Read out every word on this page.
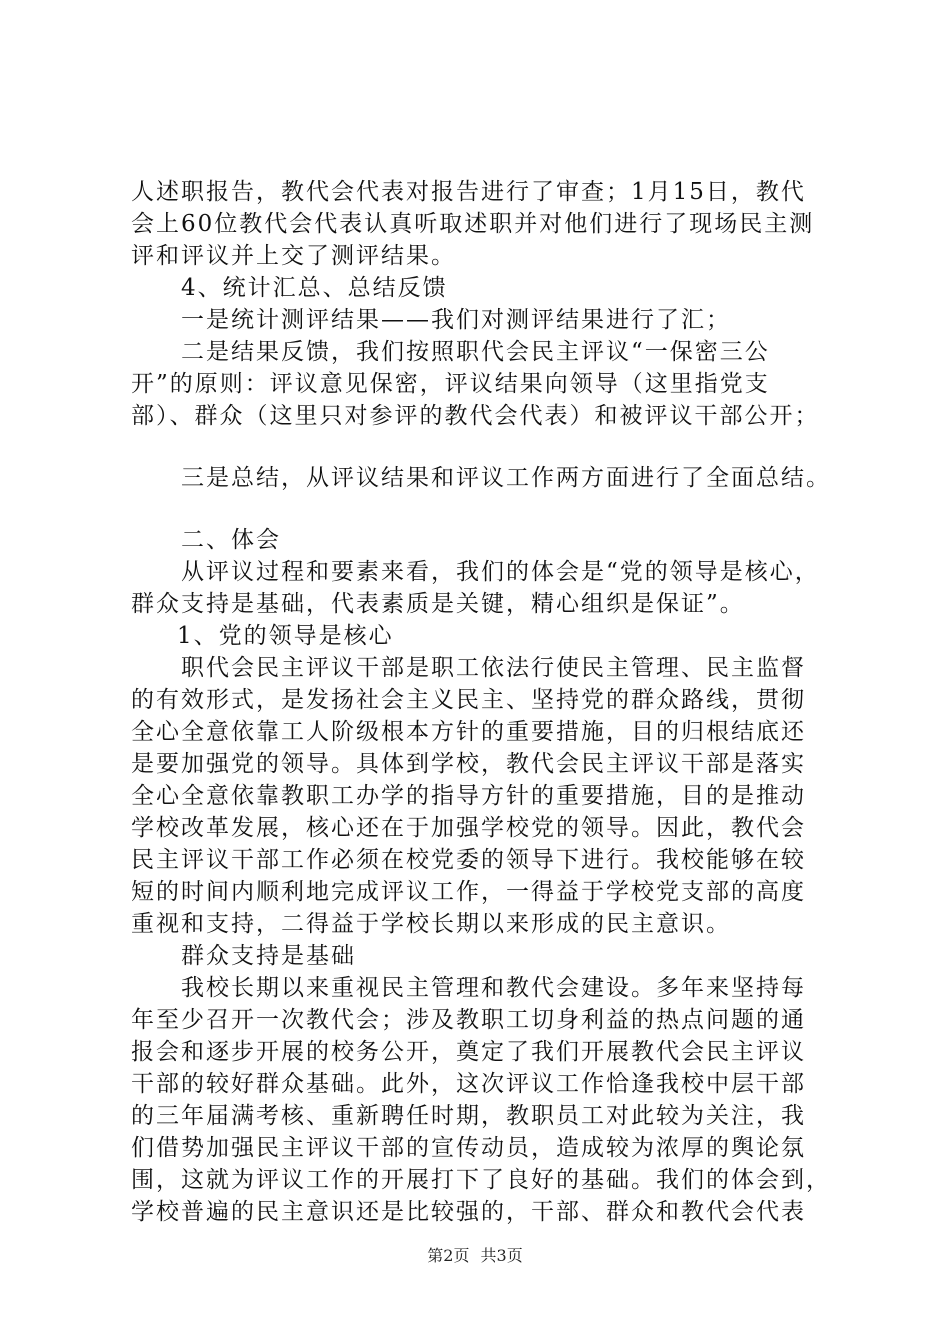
人述职报告，教代会代表对报告进行了审查；1月15日，教代
会上60位教代会代表认真听取述职并对他们进行了现场民主测
评和评议并上交了测评结果。
4、统计汇总、总结反馈
一是统计测评结果——我们对测评结果进行了汇；
二是结果反馈，我们按照职代会民主评议“一保密三公
开”的原则：评议意见保密，评议结果向领导（这里指党支
部）、群众（这里只对参评的教代会代表）和被评议干部公开；
三是总结，从评议结果和评议工作两方面进行了全面总结。
二、体会
从评议过程和要素来看，我们的体会是“党的领导是核心，
群众支持是基础，代表素质是关键，精心组织是保证”。
1、党的领导是核心
职代会民主评议干部是职工依法行使民主管理、民主监督
的有效形式，是发扬社会主义民主、坚持党的群众路线，贯彻
全心全意依靠工人阶级根本方针的重要措施，目的归根结底还
是要加强党的领导。具体到学校，教代会民主评议干部是落实
全心全意依靠教职工办学的指导方针的重要措施，目的是推动
学校改革发展，核心还在于加强学校党的领导。因此，教代会
民主评议干部工作必须在校党委的领导下进行。我校能够在较
短的时间内顺利地完成评议工作，一得益于学校党支部的高度
重视和支持，二得益于学校长期以来形成的民主意识。
群众支持是基础
我校长期以来重视民主管理和教代会建设。多年来坚持每
年至少召开一次教代会；涉及教职工切身利益的热点问题的通
报会和逐步开展的校务公开，奠定了我们开展教代会民主评议
干部的较好群众基础。此外，这次评议工作恰逢我校中层干部
的三年届满考核、重新聘任时期，教职员工对此较为关注，我
们借势加强民主评议干部的宣传动员，造成较为浓厚的舆论氛
围，这就为评议工作的开展打下了良好的基础。我们的体会到，
学校普遍的民主意识还是比较强的，干部、群众和教代会代表
第2页 共3页
